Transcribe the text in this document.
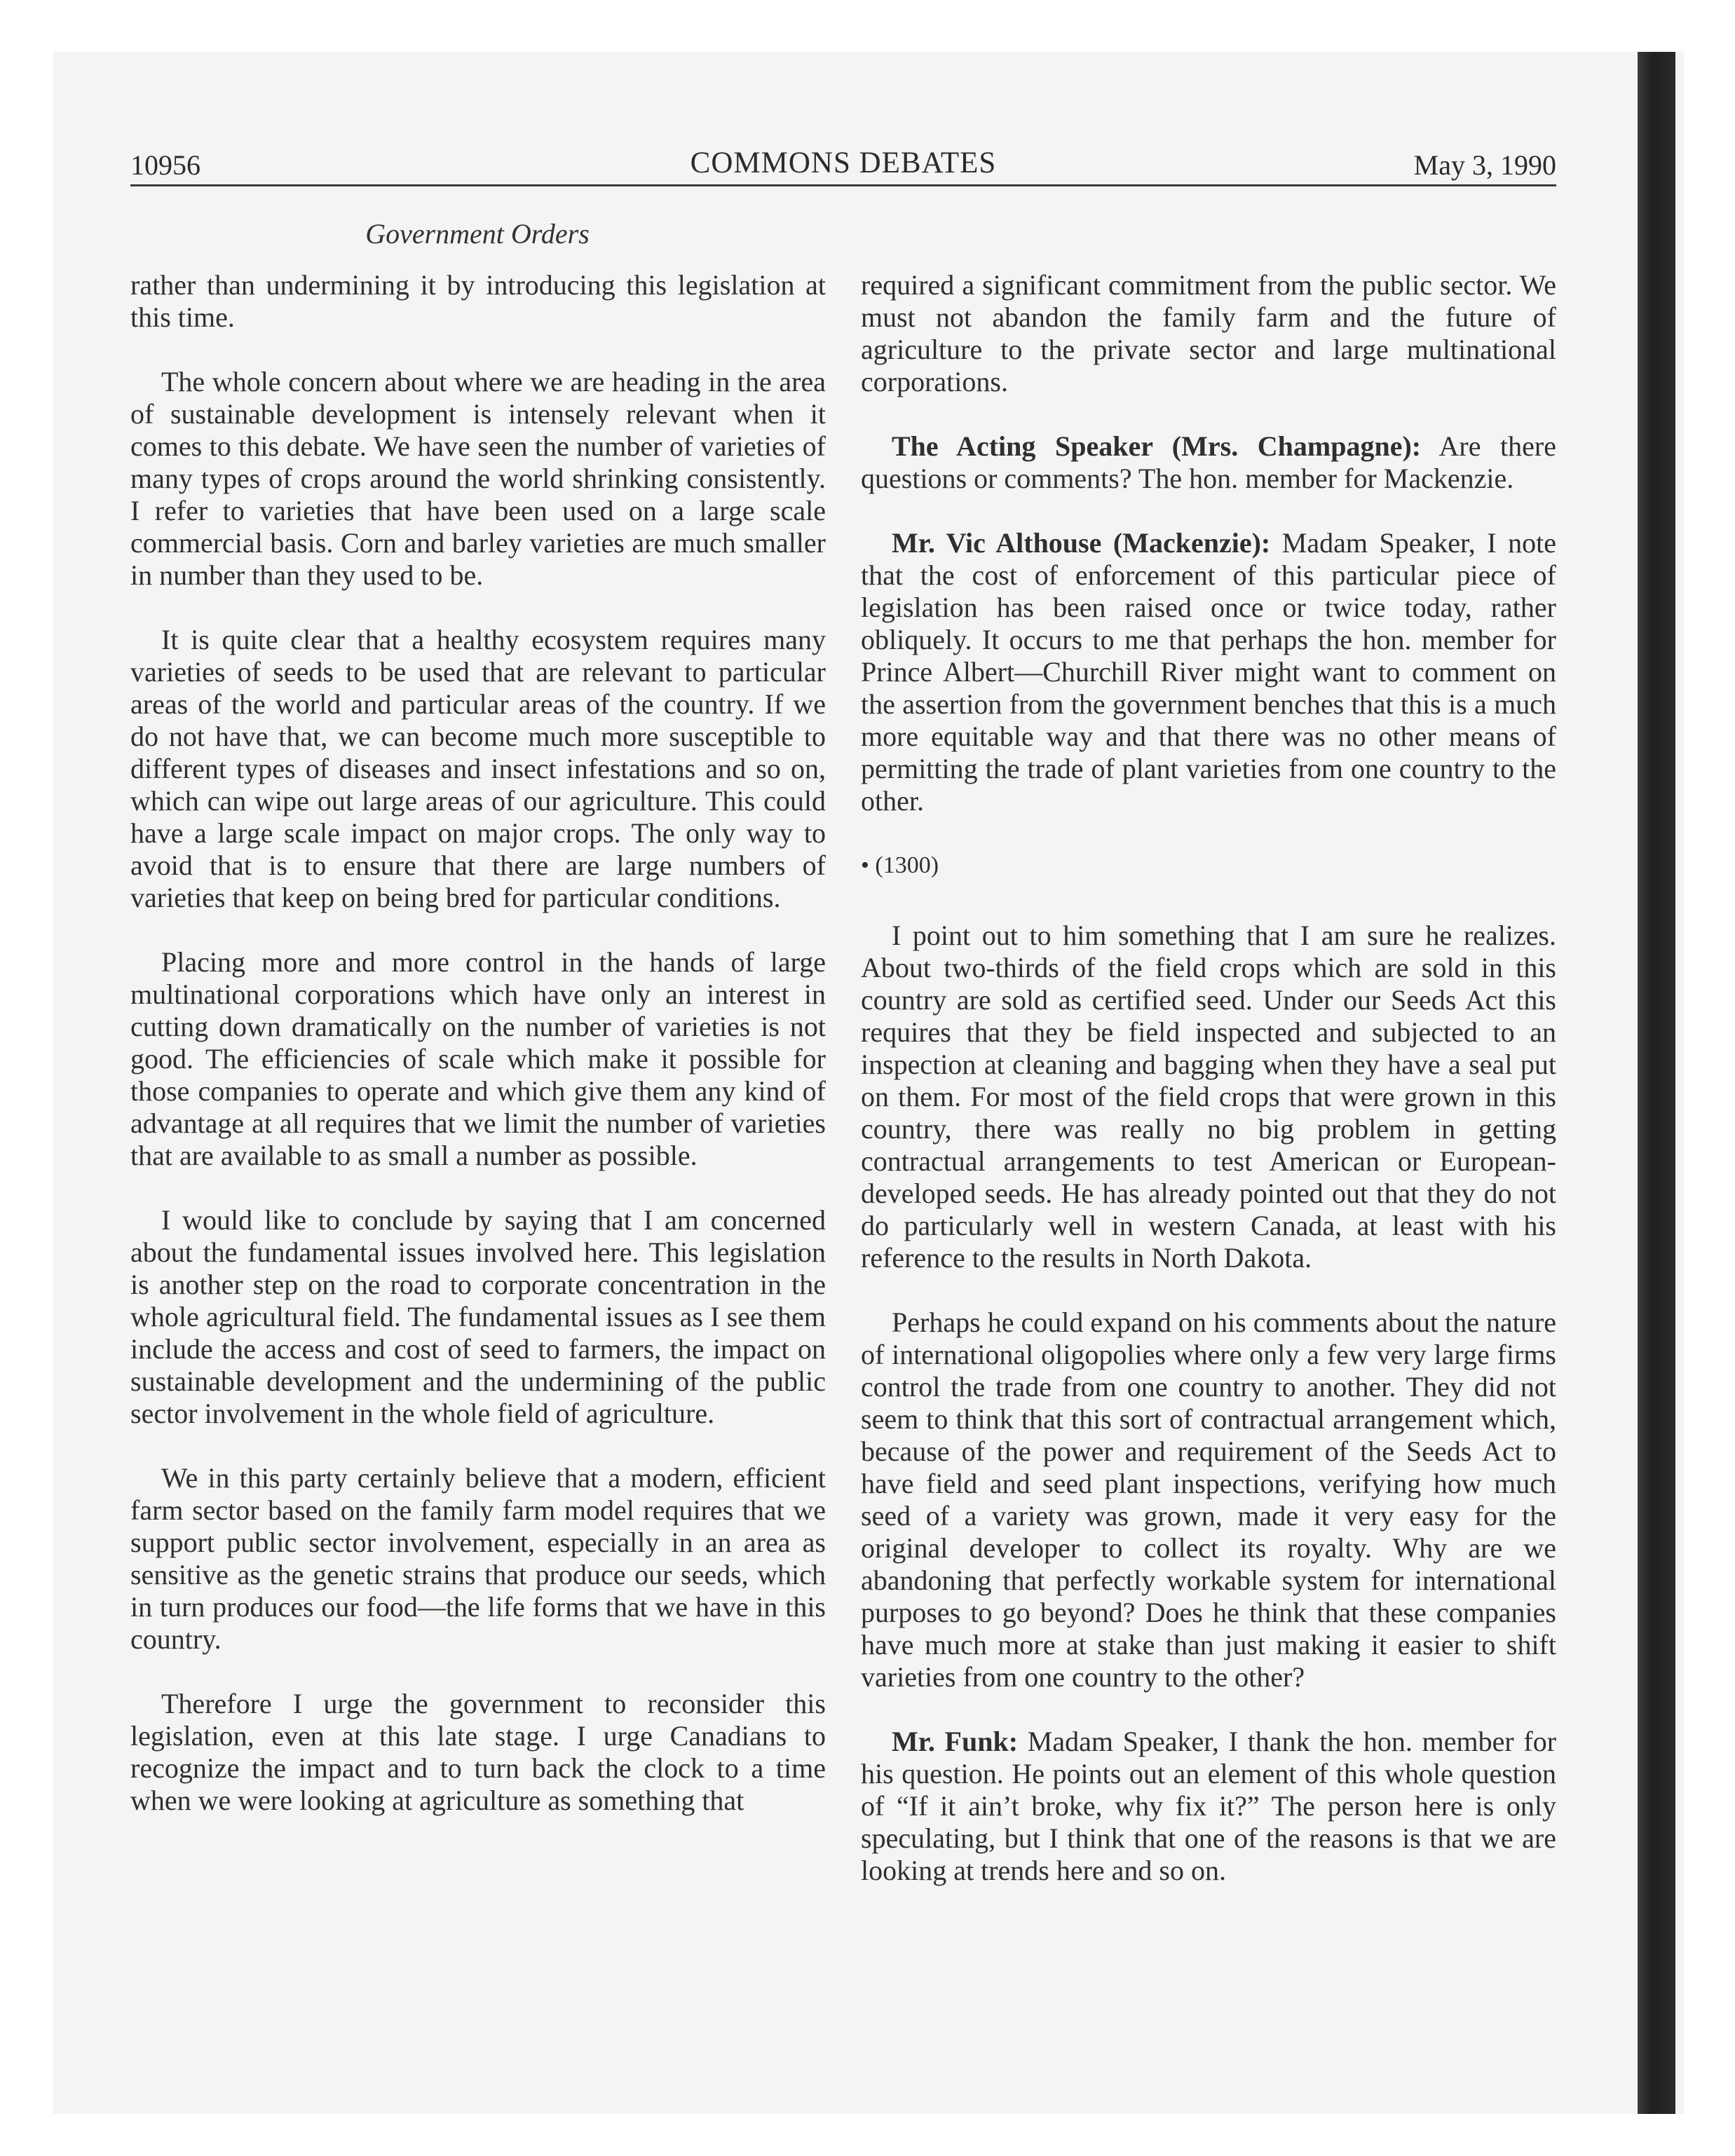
10956	COMMONS DEBATES	May 3, 1990
Government Orders

rather than undermining it by introducing this legislation at this time.

The whole concern about where we are heading in the area of sustainable development is intensely relevant when it comes to this debate. We have seen the number of varieties of many types of crops around the world shrinking consistently. I refer to varieties that have been used on a large scale commercial basis. Corn and barley varieties are much smaller in number than they used to be.

It is quite clear that a healthy ecosystem requires many varieties of seeds to be used that are relevant to particular areas of the world and particular areas of the country. If we do not have that, we can become much more susceptible to different types of diseases and insect infestations and so on, which can wipe out large areas of our agriculture. This could have a large scale impact on major crops. The only way to avoid that is to ensure that there are large numbers of varieties that keep on being bred for particular conditions.

Placing more and more control in the hands of large multinational corporations which have only an interest in cutting down dramatically on the number of varieties is not good. The efficiencies of scale which make it possible for those companies to operate and which give them any kind of advantage at all requires that we limit the number of varieties that are available to as small a number as possible.

I would like to conclude by saying that I am concerned about the fundamental issues involved here. This legislation is another step on the road to corporate concentration in the whole agricultural field. The fundamental issues as I see them include the access and cost of seed to farmers, the impact on sustainable development and the undermining of the public sector involvement in the whole field of agriculture.

We in this party certainly believe that a modern, efficient farm sector based on the family farm model requires that we support public sector involvement, especially in an area as sensitive as the genetic strains that produce our seeds, which in turn produces our food—the life forms that we have in this country.

Therefore I urge the government to reconsider this legislation, even at this late stage. I urge Canadians to recognize the impact and to turn back the clock to a time when we were looking at agriculture as something that

required a significant commitment from the public sector. We must not abandon the family farm and the future of agriculture to the private sector and large multinational corporations.

The Acting Speaker (Mrs. Champagne): Are there questions or comments? The hon. member for Mackenzie.

Mr. Vic Althouse (Mackenzie): Madam Speaker, I note that the cost of enforcement of this particular piece of legislation has been raised once or twice today, rather obliquely. It occurs to me that perhaps the hon. member for Prince Albert—Churchill River might want to comment on the assertion from the government benches that this is a much more equitable way and that there was no other means of permitting the trade of plant varieties from one country to the other.

• (1300)

I point out to him something that I am sure he realizes. About two-thirds of the field crops which are sold in this country are sold as certified seed. Under our Seeds Act this requires that they be field inspected and subjected to an inspection at cleaning and bagging when they have a seal put on them. For most of the field crops that were grown in this country, there was really no big problem in getting contractual arrangements to test American or European-developed seeds. He has already pointed out that they do not do particularly well in western Canada, at least with his reference to the results in North Dakota.

Perhaps he could expand on his comments about the nature of international oligopolies where only a few very large firms control the trade from one country to another. They did not seem to think that this sort of contractual arrangement which, because of the power and requirement of the Seeds Act to have field and seed plant inspections, verifying how much seed of a variety was grown, made it very easy for the original developer to collect its royalty. Why are we abandoning that perfectly workable system for international purposes to go beyond? Does he think that these companies have much more at stake than just making it easier to shift varieties from one country to the other?

Mr. Funk: Madam Speaker, I thank the hon. member for his question. He points out an element of this whole question of “If it ain’t broke, why fix it?” The person here is only speculating, but I think that one of the reasons is that we are looking at trends here and so on.
